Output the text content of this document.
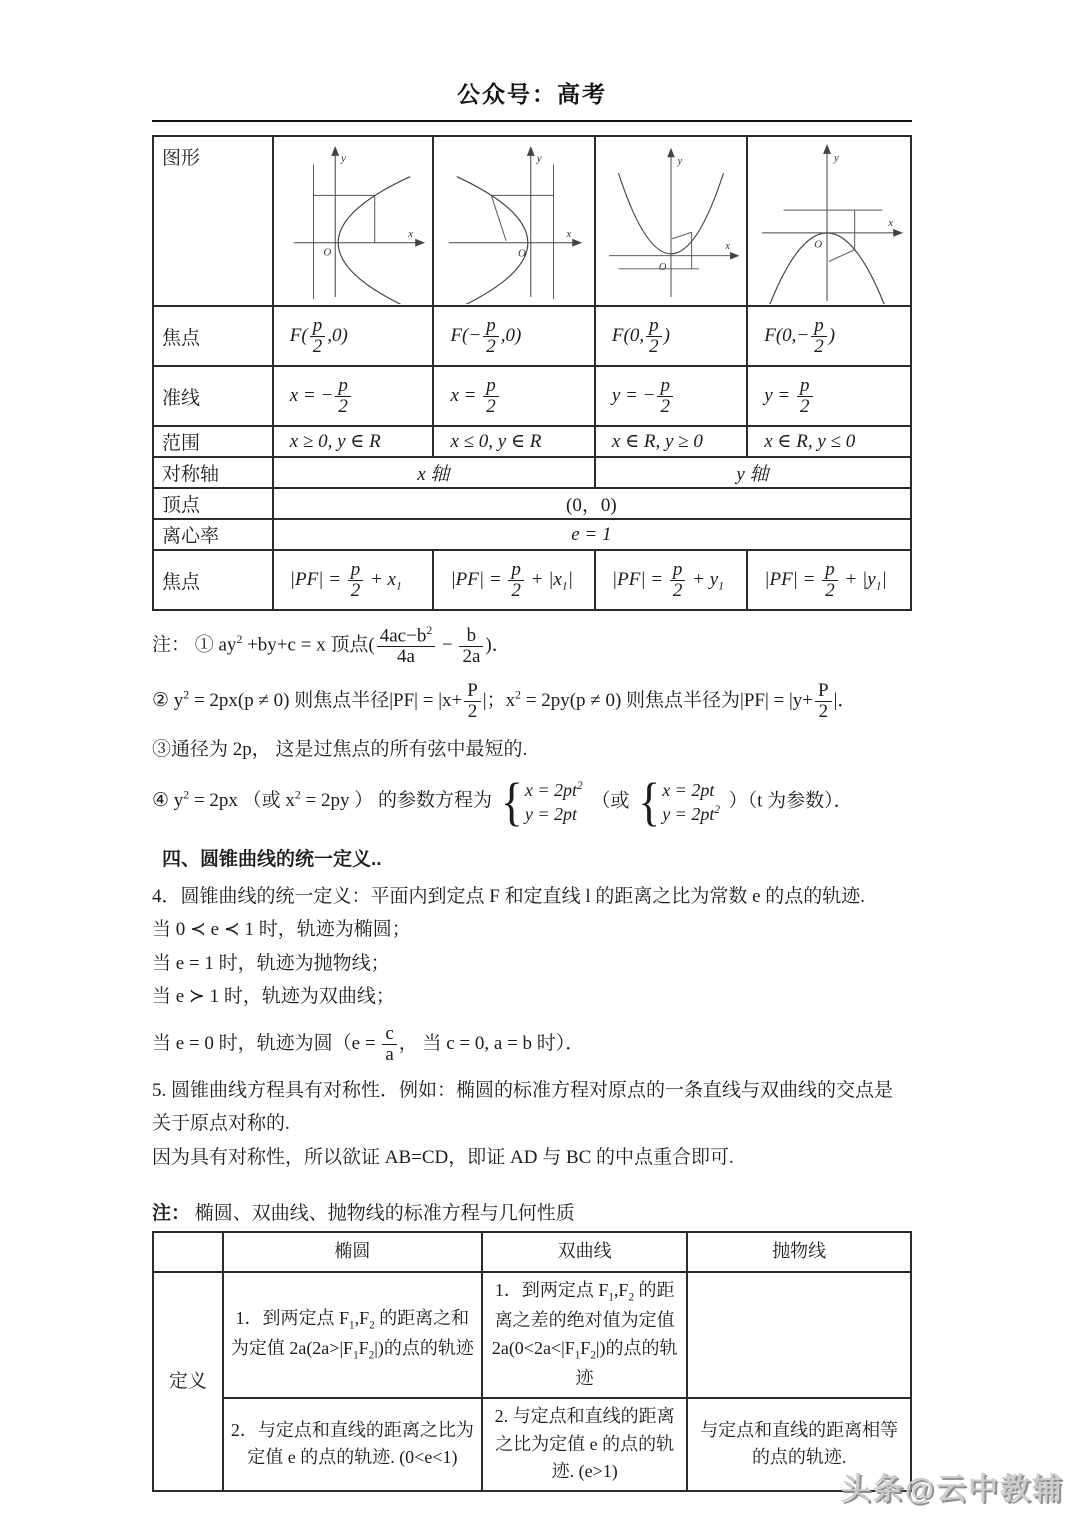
公众号：高考
图形	y
x
O	y
x
O	y
x
O	y
x
O

焦点	$F( \frac{p}{2} ,0)$	$F(- \frac{p}{2} ,0)$	F(0, $\frac{p}{2}$ )	$F(0,- \frac{p}{2}$ )
准线	x = − $\frac{p}{2}$	$x = \frac{p}{2}$	y = − $\frac{p}{2}$	$y = \frac{p}{2}$

范围	x ≥ 0, y ∈ R	x ≤ 0, y ∈ R	x ∈ R, y ≥ 0	x ∈ R, y ≤ 0
对称轴	x 轴		y 轴	
顶点	(0，0)			
离心率	e = 1			
焦点	$|PF| = \frac{p}{2} + x_1$	$|PF| = \frac{p}{2} + |x_1|$	$|PF| = \frac{p}{2} + y_1$	$|PF| = \frac{p}{2} + |y_1|$
注： ① $ay^2 +by+c = x$ 顶点( $\frac{4ac-b^2}{4a} - \frac{b}{2a}$ )．
② $y^2 = 2px(p \ne 0)$ 则焦点半径$|PF| = |x+ \frac{P}{2}$ |；$x^2 = 2py(p \ne 0)$ 则焦点半径为$|PF| = |y+ \frac{P}{2}$ |．
③通径为 2p， 这是过焦点的所有弦中最短的.
④ $y^2 = 2px$ （或 $x^2 = 2py$ ） 的参数方程为 { $x = 2pt^2$
y = 2pt
（或 { x = 2pt
$y = 2pt^2$ ）（t 为参数）．
四、圆锥曲线的统一定义..
4．圆锥曲线的统一定义：平面内到定点 F 和定直线 l 的距离之比为常数 e 的点的轨迹.
当 0 ≺ e ≺ 1 时，轨迹为椭圆；
当 e = 1 时，轨迹为抛物线；
当 e ≻ 1 时，轨迹为双曲线；
当 e = 0 时，轨迹为圆（$e = \frac{c}{a}$ ， 当 c = 0, a = b 时）．
5. 圆锥曲线方程具有对称性．例如：椭圆的标准方程对原点的一条直线与双曲线的交点是
关于原点对称的.
因为具有对称性，所以欲证 AB=CD，即证 AD 与 BC 的中点重合即可.
注： 椭圆、双曲线、抛物线的标准方程与几何性质
	椭圆	双曲线	抛物线
定义	1．到两定点 $F_1,F_2$ 的距离之和为定值 $2a(2a>|F_1F_2|)$的点的轨迹	1．到两定点 $F_1,F_2$ 的距离之差的绝对值为定值 $2a(0<2a<|F_1F_2|)$的点的轨迹	
	2．与定点和直线的距离之比为定值 e 的点的轨迹. (0<e<1)	2. 与定点和直线的距离之比为定值 e 的点的轨迹. (e>1)	与定点和直线的距离相等的点的轨迹.
头条@云中教辅
